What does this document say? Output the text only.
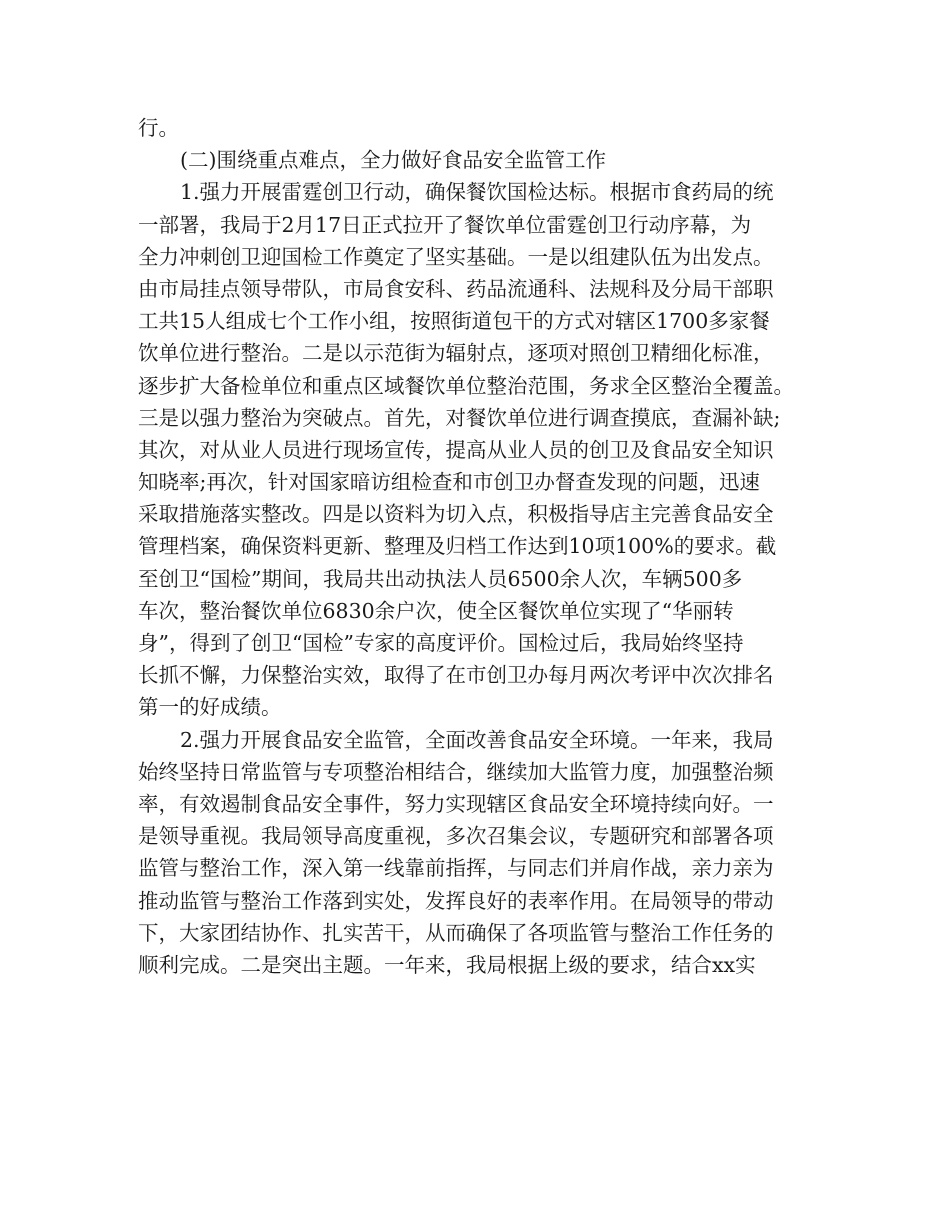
行。
(二)围绕重点难点，全力做好食品安全监管工作
1.强力开展雷霆创卫行动，确保餐饮国检达标。根据市食药局的统
一部署，我局于2月17日正式拉开了餐饮单位雷霆创卫行动序幕，为
全力冲刺创卫迎国检工作奠定了坚实基础。一是以组建队伍为出发点。
由市局挂点领导带队，市局食安科、药品流通科、法规科及分局干部职
工共15人组成七个工作小组，按照街道包干的方式对辖区1700多家餐
饮单位进行整治。二是以示范街为辐射点，逐项对照创卫精细化标准，
逐步扩大备检单位和重点区域餐饮单位整治范围，务求全区整治全覆盖。
三是以强力整治为突破点。首先，对餐饮单位进行调查摸底，查漏补缺;
其次，对从业人员进行现场宣传，提高从业人员的创卫及食品安全知识
知晓率;再次，针对国家暗访组检查和市创卫办督查发现的问题，迅速
采取措施落实整改。四是以资料为切入点，积极指导店主完善食品安全
管理档案，确保资料更新、整理及归档工作达到10项100%的要求。截
至创卫“国检”期间，我局共出动执法人员6500余人次，车辆500多
车次，整治餐饮单位6830余户次，使全区餐饮单位实现了“华丽转
身”，得到了创卫“国检”专家的高度评价。国检过后，我局始终坚持
长抓不懈，力保整治实效，取得了在市创卫办每月两次考评中次次排名
第一的好成绩。
2.强力开展食品安全监管，全面改善食品安全环境。一年来，我局
始终坚持日常监管与专项整治相结合，继续加大监管力度，加强整治频
率，有效遏制食品安全事件，努力实现辖区食品安全环境持续向好。一
是领导重视。我局领导高度重视，多次召集会议，专题研究和部署各项
监管与整治工作，深入第一线靠前指挥，与同志们并肩作战，亲力亲为
推动监管与整治工作落到实处，发挥良好的表率作用。在局领导的带动
下，大家团结协作、扎实苦干，从而确保了各项监管与整治工作任务的
顺利完成。二是突出主题。一年来，我局根据上级的要求，结合xx实
